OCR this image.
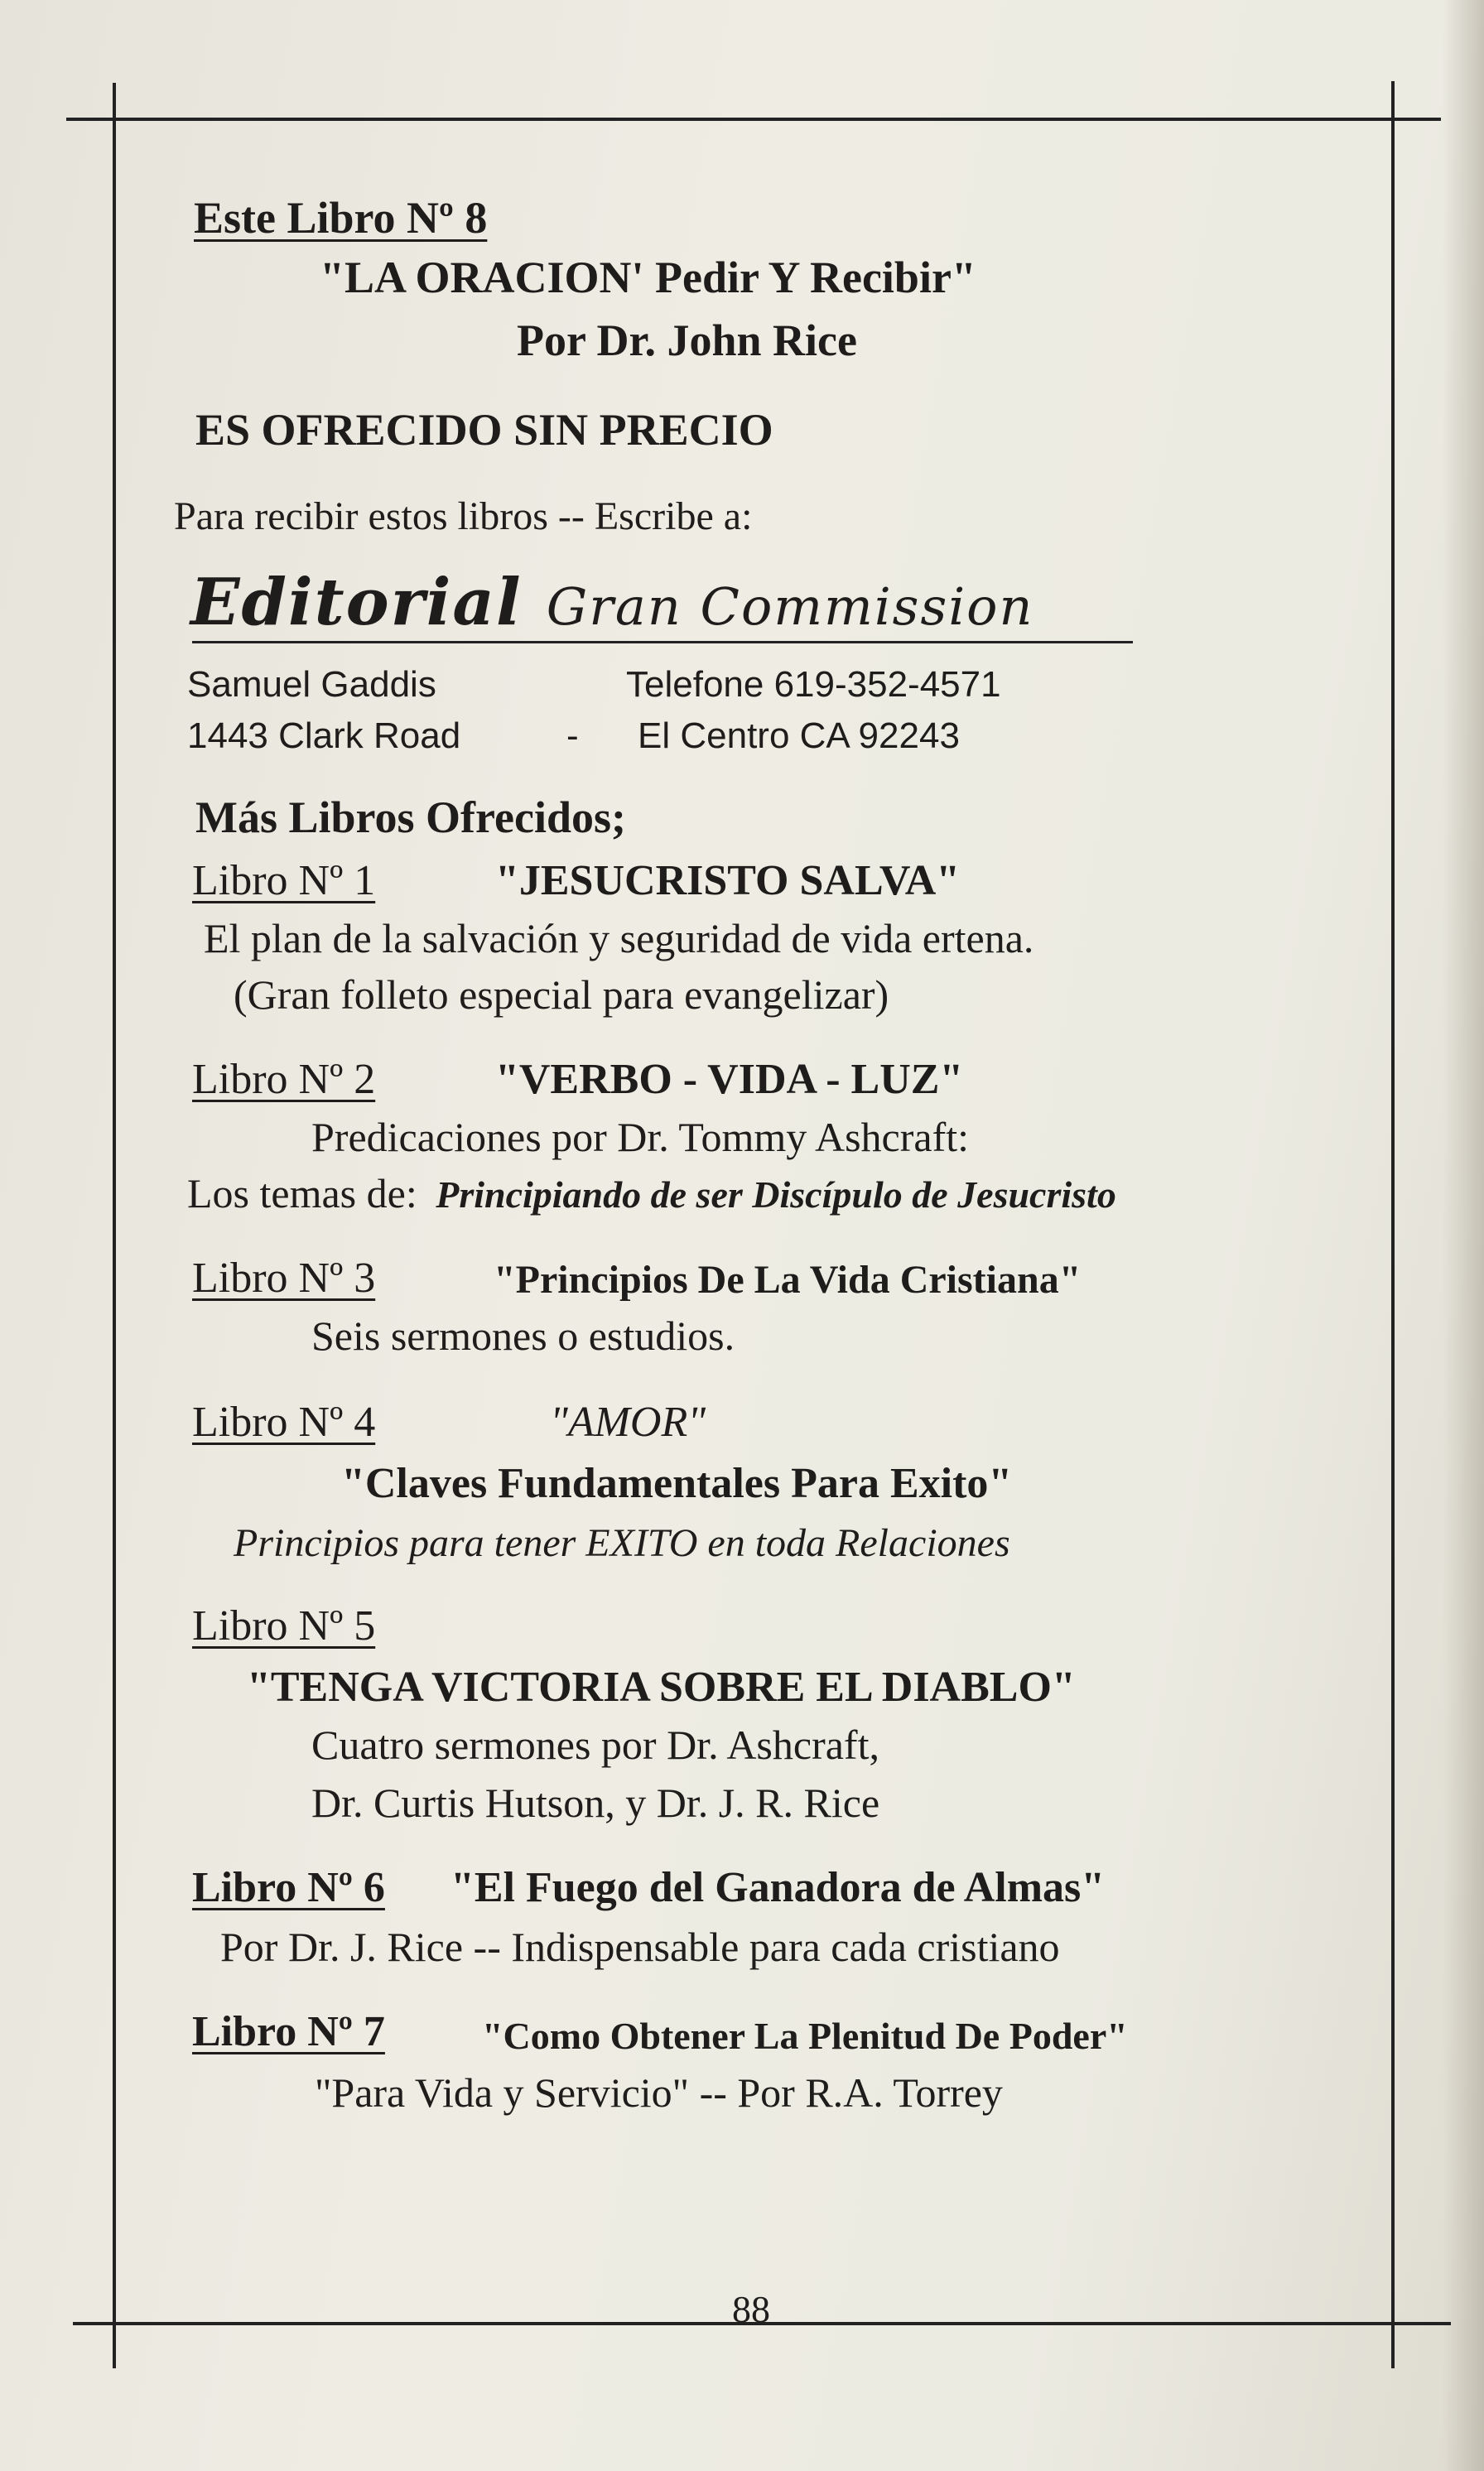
Este Libro Nº 8
"LA ORACION' Pedir Y Recibir"
Por Dr. John Rice
ES OFRECIDO SIN PRECIO
Para recibir estos libros -- Escribe a:
Editorial Gran Commission
Samuel Gaddis	Telefone 619-352-4571
1443 Clark Road	- El Centro CA 92243
Más Libros Ofrecidos;
Libro Nº 1	"JESUCRISTO SALVA"
El plan de la salvación y seguridad de vida ertena.
(Gran folleto especial para evangelizar)
Libro Nº 2	"VERBO - VIDA - LUZ"
Predicaciones por Dr. Tommy Ashcraft:
Los temas de: Principiando de ser Discípulo de Jesucristo
Libro Nº 3	"Principios De La Vida Cristiana"
Seis sermones o estudios.
Libro Nº 4	"AMOR"
"Claves Fundamentales Para Exito"
Principios para tener EXITO en toda Relaciones
Libro Nº 5
"TENGA VICTORIA SOBRE EL DIABLO"
Cuatro sermones por Dr. Ashcraft,
Dr. Curtis Hutson, y Dr. J. R. Rice
Libro Nº 6 "El Fuego del Ganadora de Almas"
Por Dr. J. Rice -- Indispensable para cada cristiano
Libro Nº 7	"Como Obtener La Plenitud De Poder"
"Para Vida y Servicio" -- Por R.A. Torrey
88
